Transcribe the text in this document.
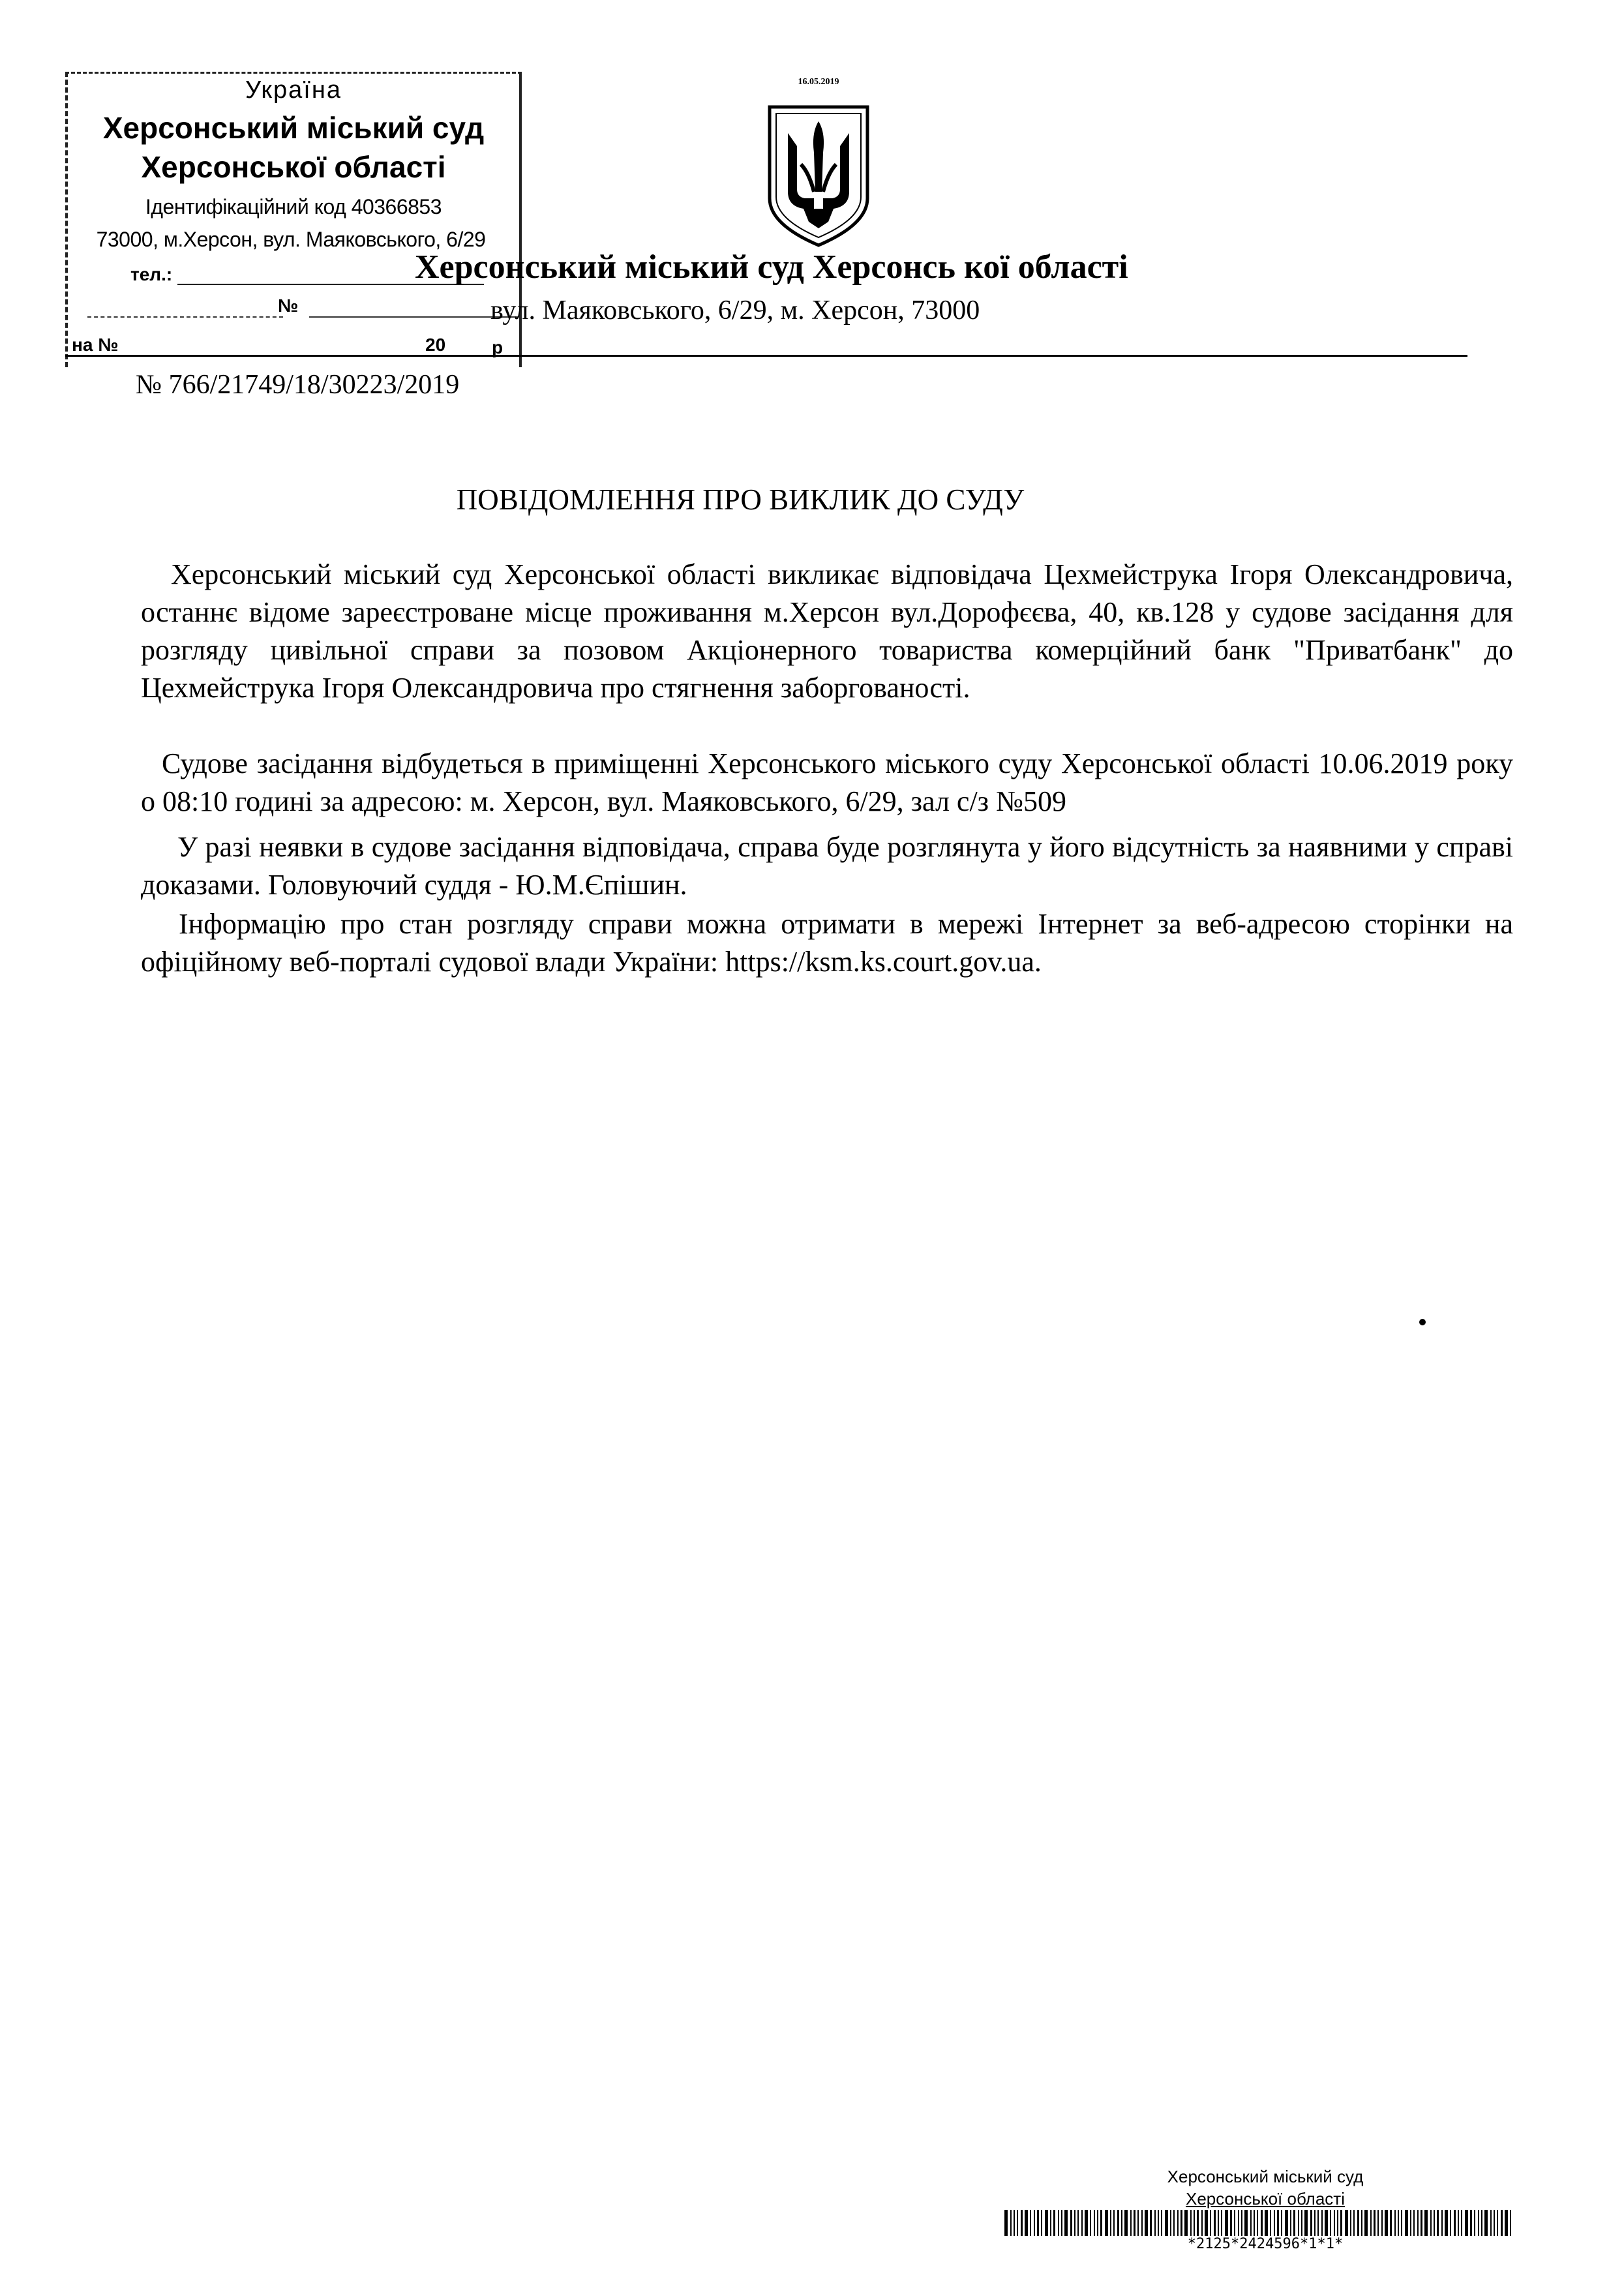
Україна
Херсонський міський суд
Херсонської області
Ідентифікаційний код 40366853
73000, м.Херсон, вул. Маяковського, 6/29
тел.:
№
на №	20	р
16.05.2019
Херсонський міський суд Херсонсь кої області
вул. Маяковського, 6/29, м. Херсон, 73000
№ 766/21749/18/30223/2019
ПОВІДОМЛЕННЯ ПРО ВИКЛИК ДО СУДУ
Херсонський міський суд Херсонської області викликає відповідача Цехмейструка Ігоря Олександровича, останнє відоме зареєстроване місце проживання м.Херсон вул.Дорофєєва, 40, кв.128 у судове засідання для розгляду цивільної справи за позовом Акціонерного товариства комерційний банк "Приватбанк" до Цехмейструка Ігоря Олександровича про стягнення заборгованості.
Судове засідання відбудеться в приміщенні Херсонського міського суду Херсонської області 10.06.2019 року о 08:10 годині за адресою: м. Херсон, вул. Маяковського, 6/29, зал с/з №509
У разі неявки в судове засідання відповідача, справа буде розглянута у його відсутність за наявними у справі доказами. Головуючий суддя - Ю.М.Єпішин.
Інформацію про стан розгляду справи можна отримати в мережі Інтернет за веб-адресою сторінки на офіційному веб-порталі судової влади України: https://ksm.ks.court.gov.ua.
Херсонський міський суд
Херсонської області
*2125*2424596*1*1*
